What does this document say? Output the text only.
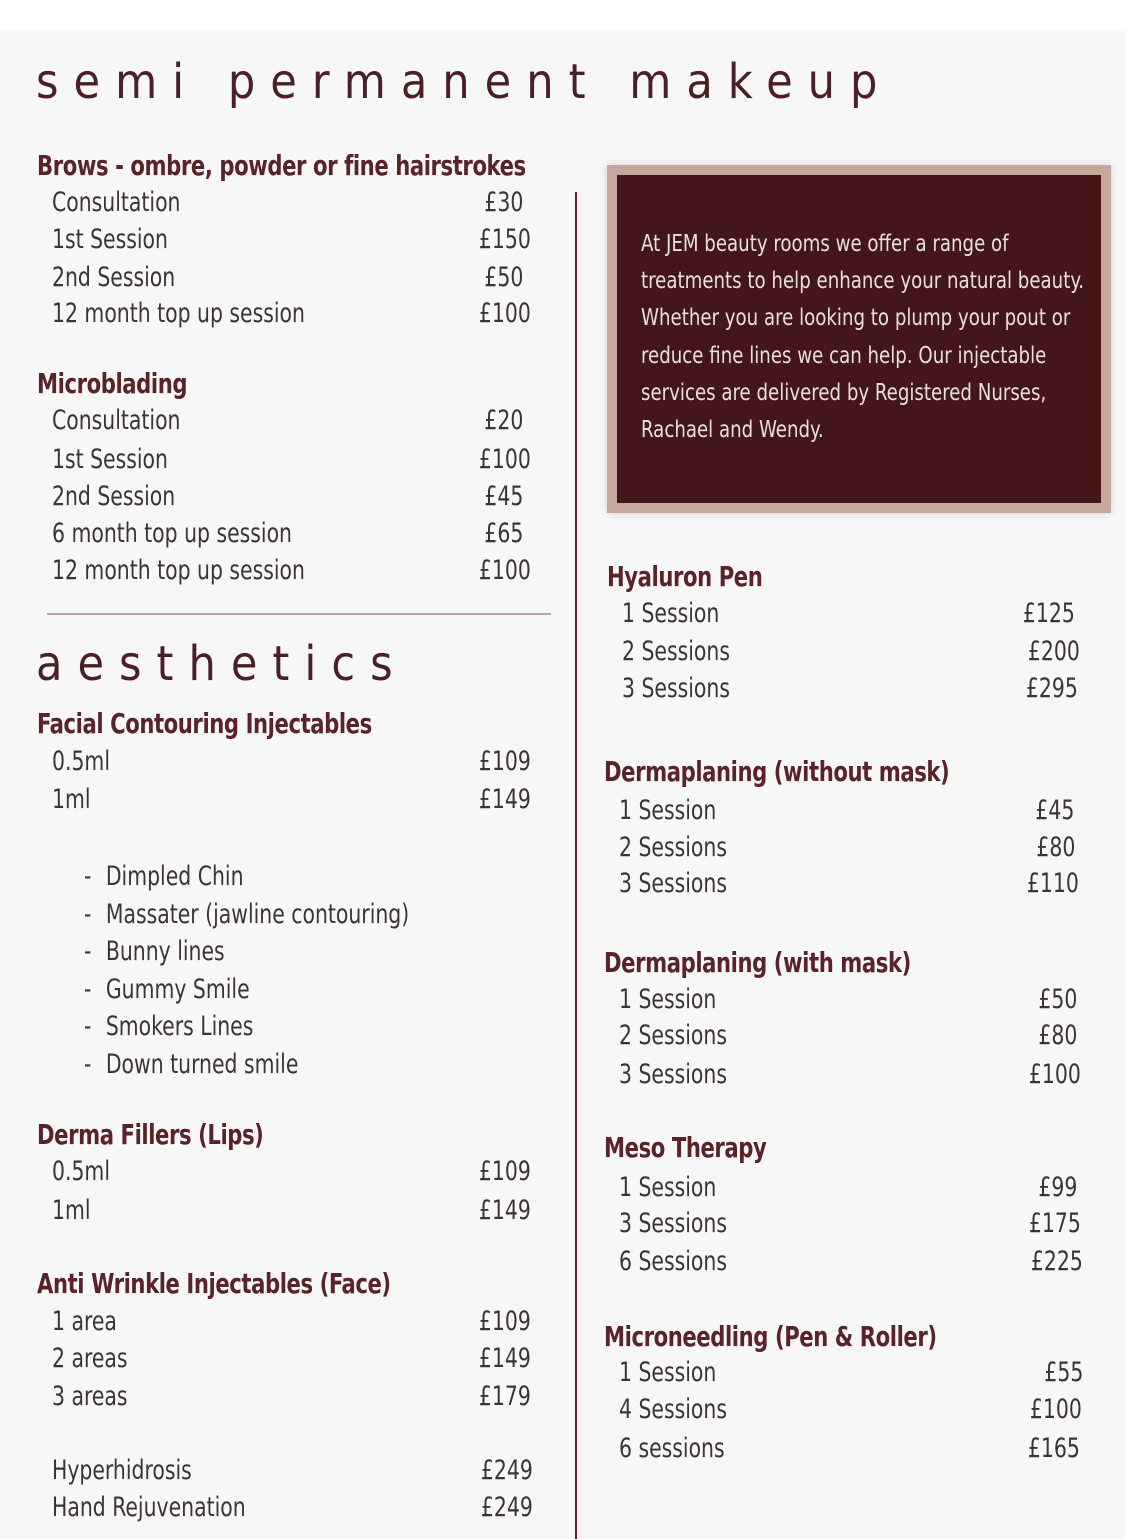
semi permanent makeup
aesthetics
At JEM beauty rooms we offer a range of treatments to help enhance your natural beauty. Whether you are looking to plump your pout or reduce fine lines we can help. Our injectable services are delivered by Registered Nurses, Rachael and Wendy.
Brows - ombre, powder or fine hairstrokes
Consultation	£30
1st Session	£150
2nd Session	£50
12 month top up session	£100
Microblading
Consultation	£20
1st Session	£100
2nd Session	£45
6 month top up session	£65
12 month top up session	£100
Facial Contouring Injectables
0.5ml	£109
1ml	£149
- Dimpled Chin
- Massater (jawline contouring)
- Bunny lines
- Gummy Smile
- Smokers Lines
- Down turned smile
Derma Fillers (Lips)
0.5ml	£109
1ml	£149
Anti Wrinkle Injectables (Face)
1 area	£109
2 areas	£149
3 areas	£179
Hyperhidrosis	£249
Hand Rejuvenation	£249
Hyaluron Pen
1 Session	£125
2 Sessions	£200
3 Sessions	£295
Dermaplaning (without mask)
1 Session	£45
2 Sessions	£80
3 Sessions	£110
Dermaplaning (with mask)
1 Session	£50
2 Sessions	£80
3 Sessions	£100
Meso Therapy
1 Session	£99
3 Sessions	£175
6 Sessions	£225
Microneedling (Pen & Roller)
1 Session	£55
4 Sessions	£100
6 sessions	£165
